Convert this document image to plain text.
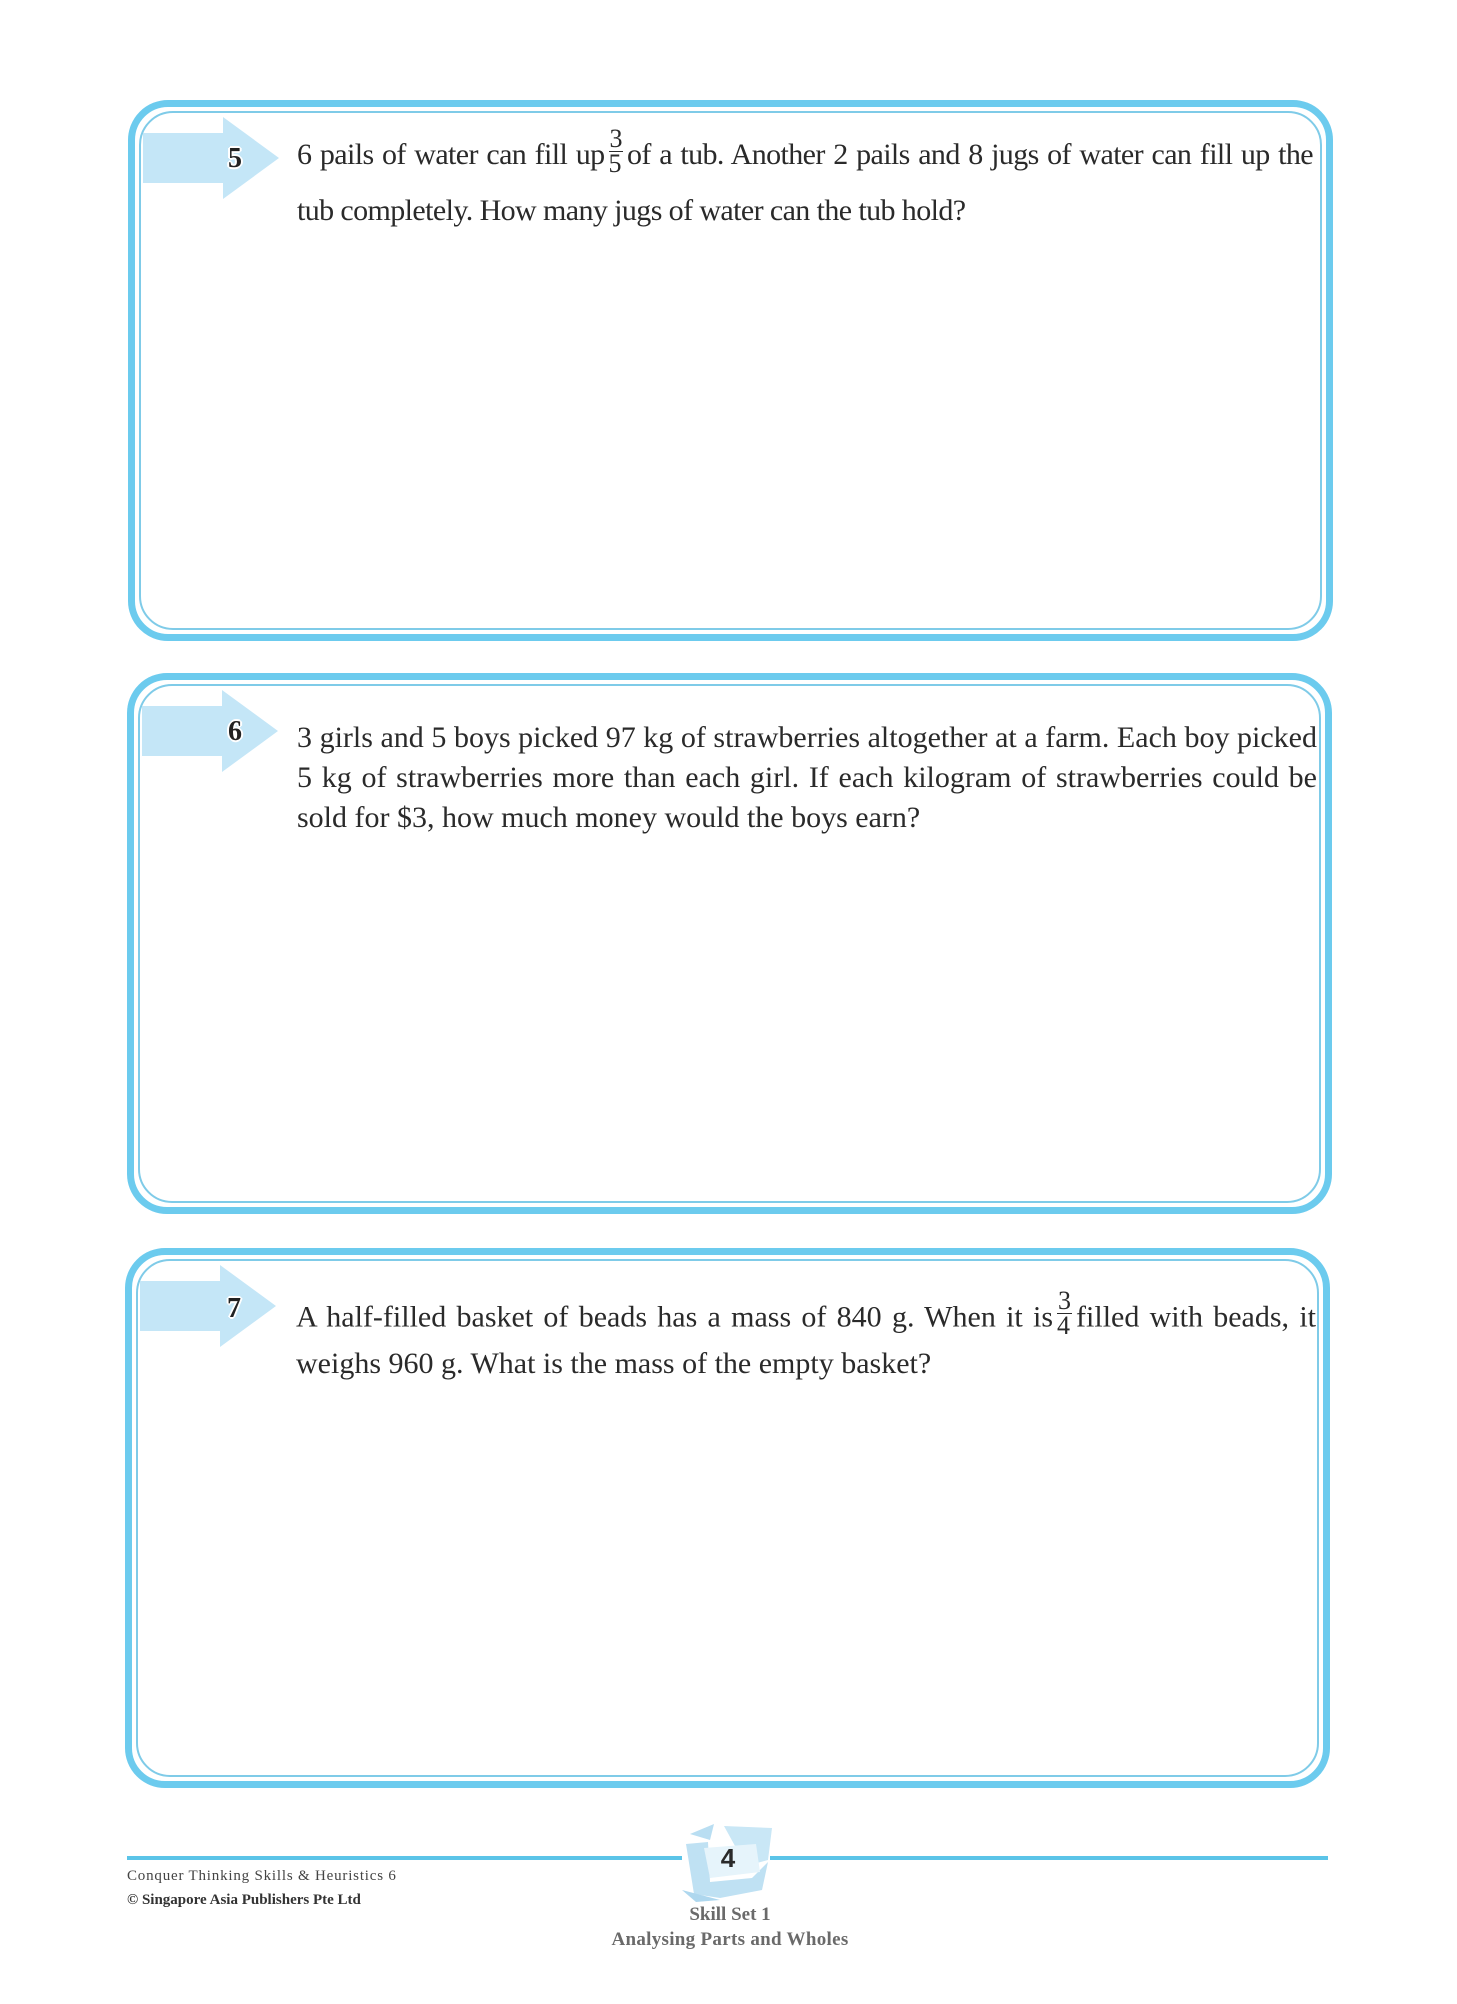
5 6 pails of water can fill up $\frac{3}{5}$ of a tub. Another 2 pails and 8 jugs of water can fill up the tub completely. How many jugs of water can the tub hold?
6 3 girls and 5 boys picked 97 kg of strawberries altogether at a farm. Each boy picked 5 kg of strawberries more than each girl. If each kilogram of strawberries could be sold for $3, how much money would the boys earn?
7 A half-filled basket of beads has a mass of 840 g. When it is $\frac{3}{4}$ filled with beads, it weighs 960 g. What is the mass of the empty basket?
4
Conquer Thinking Skills & Heuristics 6
© Singapore Asia Publishers Pte Ltd
Skill Set 1
Analysing Parts and Wholes
